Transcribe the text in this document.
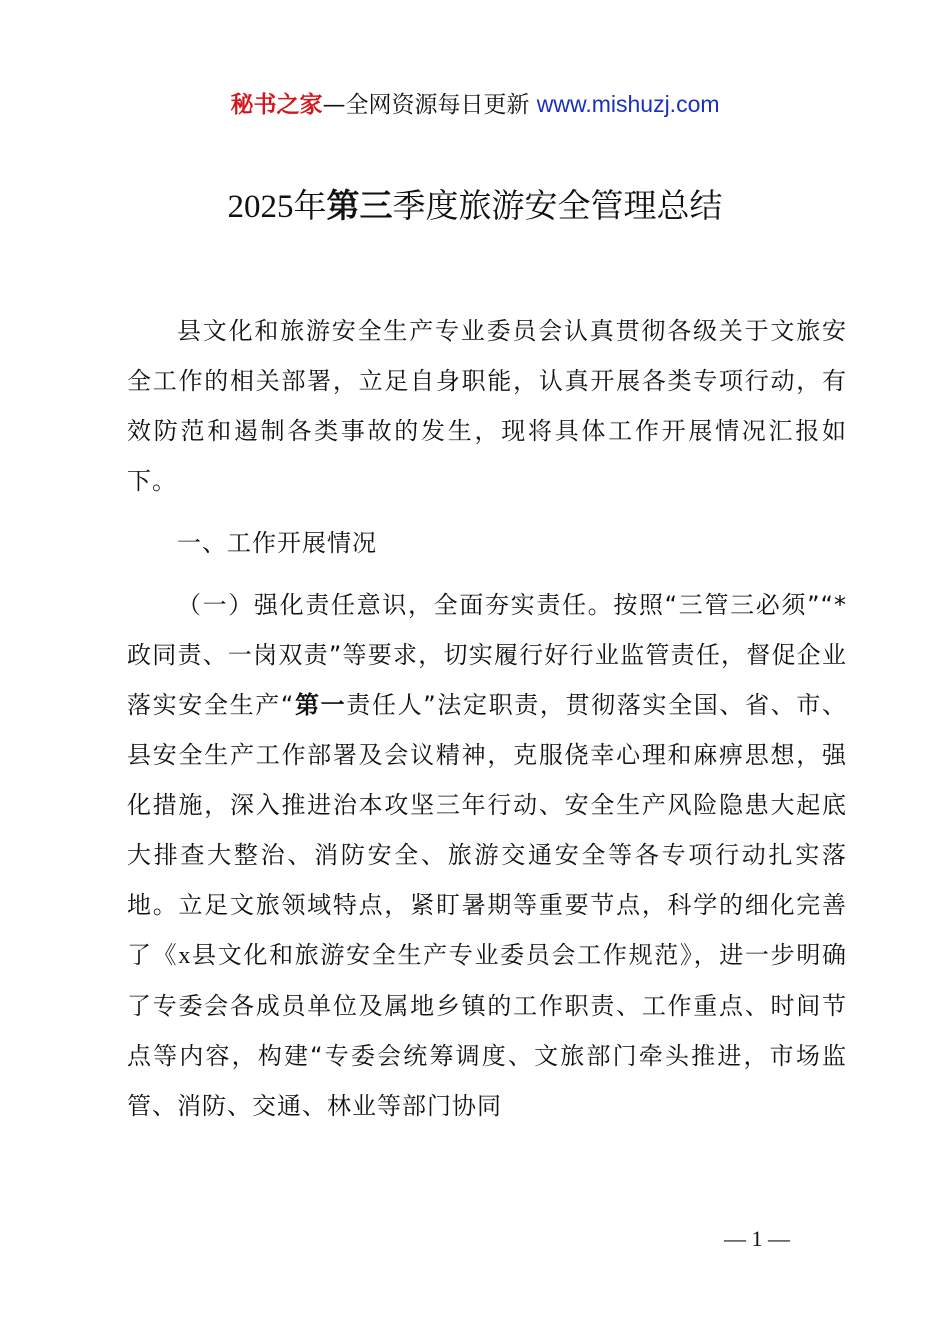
秘书之家—全网资源每日更新 www.mishuzj.com
2025年第三季度旅游安全管理总结

县文化和旅游安全生产专业委员会认真贯彻各级关于文旅安全工作的相关部署，立足自身职能，认真开展各类专项行动，有效防范和遏制各类事故的发生，现将具体工作开展情况汇报如下。

一、工作开展情况

（一）强化责任意识，全面夯实责任。按照“三管三必须”“*政同责、一岗双责”等要求，切实履行好行业监管责任，督促企业落实安全生产“第一责任人”法定职责，贯彻落实全国、省、市、县安全生产工作部署及会议精神，克服侥幸心理和麻痹思想，强化措施，深入推进治本攻坚三年行动、安全生产风险隐患大起底大排查大整治、消防安全、旅游交通安全等各专项行动扎实落地。立足文旅领域特点，紧盯暑期等重要节点，科学的细化完善了《x县文化和旅游安全生产专业委员会工作规范》，进一步明确了专委会各成员单位及属地乡镇的工作职责、工作重点、时间节点等内容，构建“专委会统筹调度、文旅部门牵头推进，市场监管、消防、交通、林业等部门协同

— 1 —
